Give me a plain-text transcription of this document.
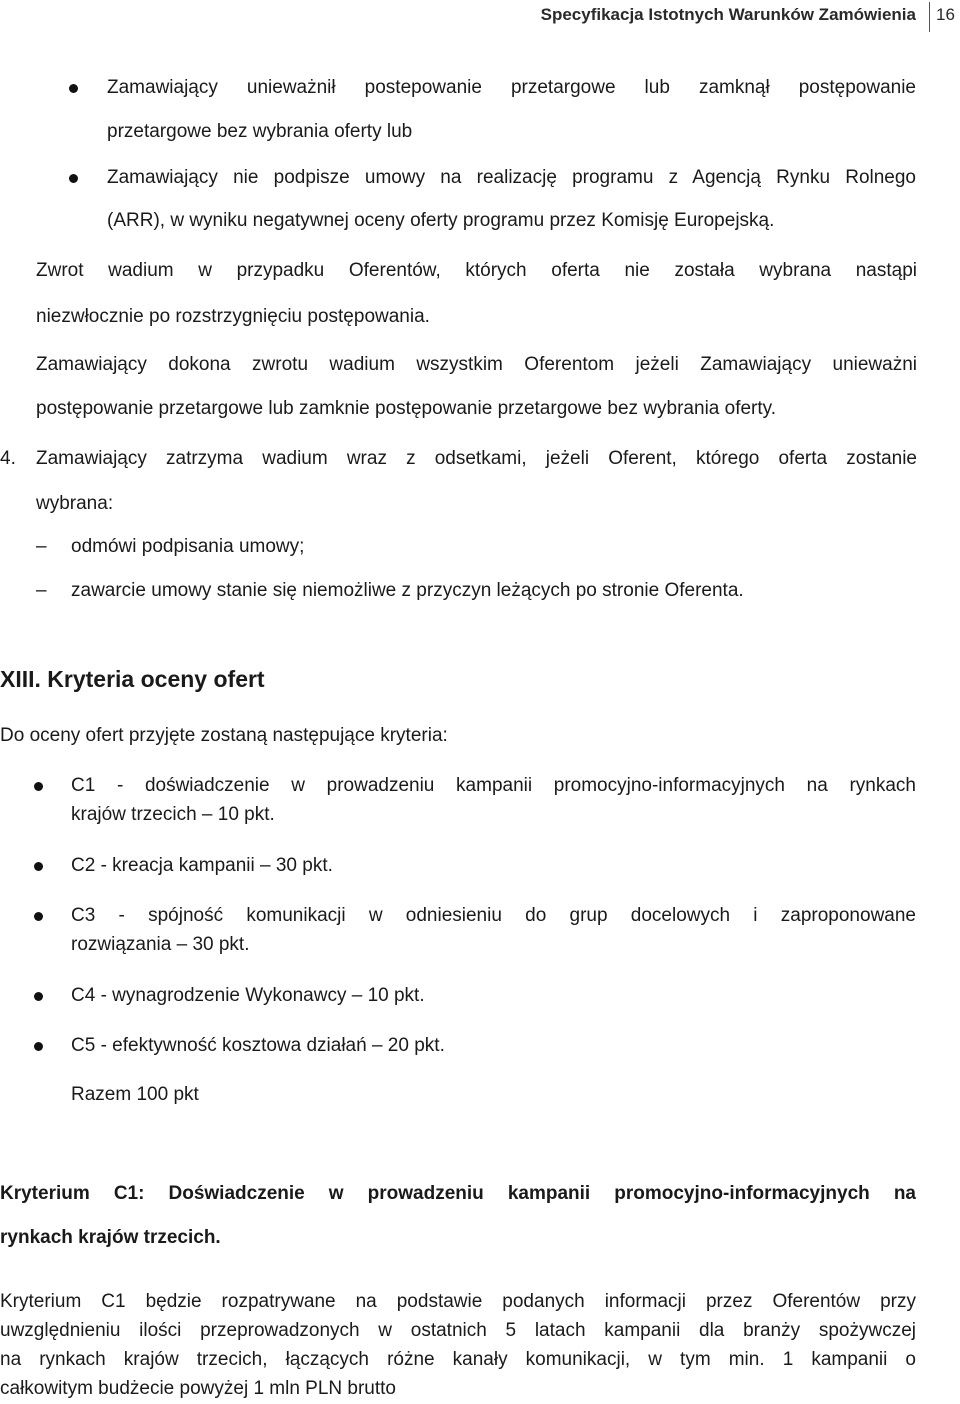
Specyfikacja Istotnych Warunków Zamówienia 16
Zamawiający unieważnił postepowanie przetargowe lub zamknął postępowanie
przetargowe bez wybrania oferty lub
Zamawiający nie podpisze umowy na realizację programu z Agencją Rynku Rolnego
(ARR), w wyniku negatywnej oceny oferty programu przez Komisję Europejską.
Zwrot wadium w przypadku Oferentów, których oferta nie została wybrana nastąpi
niezwłocznie po rozstrzygnięciu postępowania.
Zamawiający dokona zwrotu wadium wszystkim Oferentom jeżeli Zamawiający unieważni
postępowanie przetargowe lub zamknie postępowanie przetargowe bez wybrania oferty.
4. Zamawiający zatrzyma wadium wraz z odsetkami, jeżeli Oferent, którego oferta zostanie
wybrana:
– odmówi podpisania umowy;
– zawarcie umowy stanie się niemożliwe z przyczyn leżących po stronie Oferenta.
XIII. Kryteria oceny ofert
Do oceny ofert przyjęte zostaną następujące kryteria:
C1 - doświadczenie w prowadzeniu kampanii promocyjno-informacyjnych na rynkach
krajów trzecich – 10 pkt.
C2 - kreacja kampanii – 30 pkt.
C3 - spójność komunikacji w odniesieniu do grup docelowych i zaproponowane
rozwiązania – 30 pkt.
C4 - wynagrodzenie Wykonawcy – 10 pkt.
C5 - efektywność kosztowa działań – 20 pkt.
Razem 100 pkt
Kryterium C1: Doświadczenie w prowadzeniu kampanii promocyjno-informacyjnych na
rynkach krajów trzecich.
Kryterium C1 będzie rozpatrywane na podstawie podanych informacji przez Oferentów przy
uwzględnieniu ilości przeprowadzonych w ostatnich 5 latach kampanii dla branży spożywczej
na rynkach krajów trzecich, łączących różne kanały komunikacji, w tym min. 1 kampanii o
całkowitym budżecie powyżej 1 mln PLN brutto
